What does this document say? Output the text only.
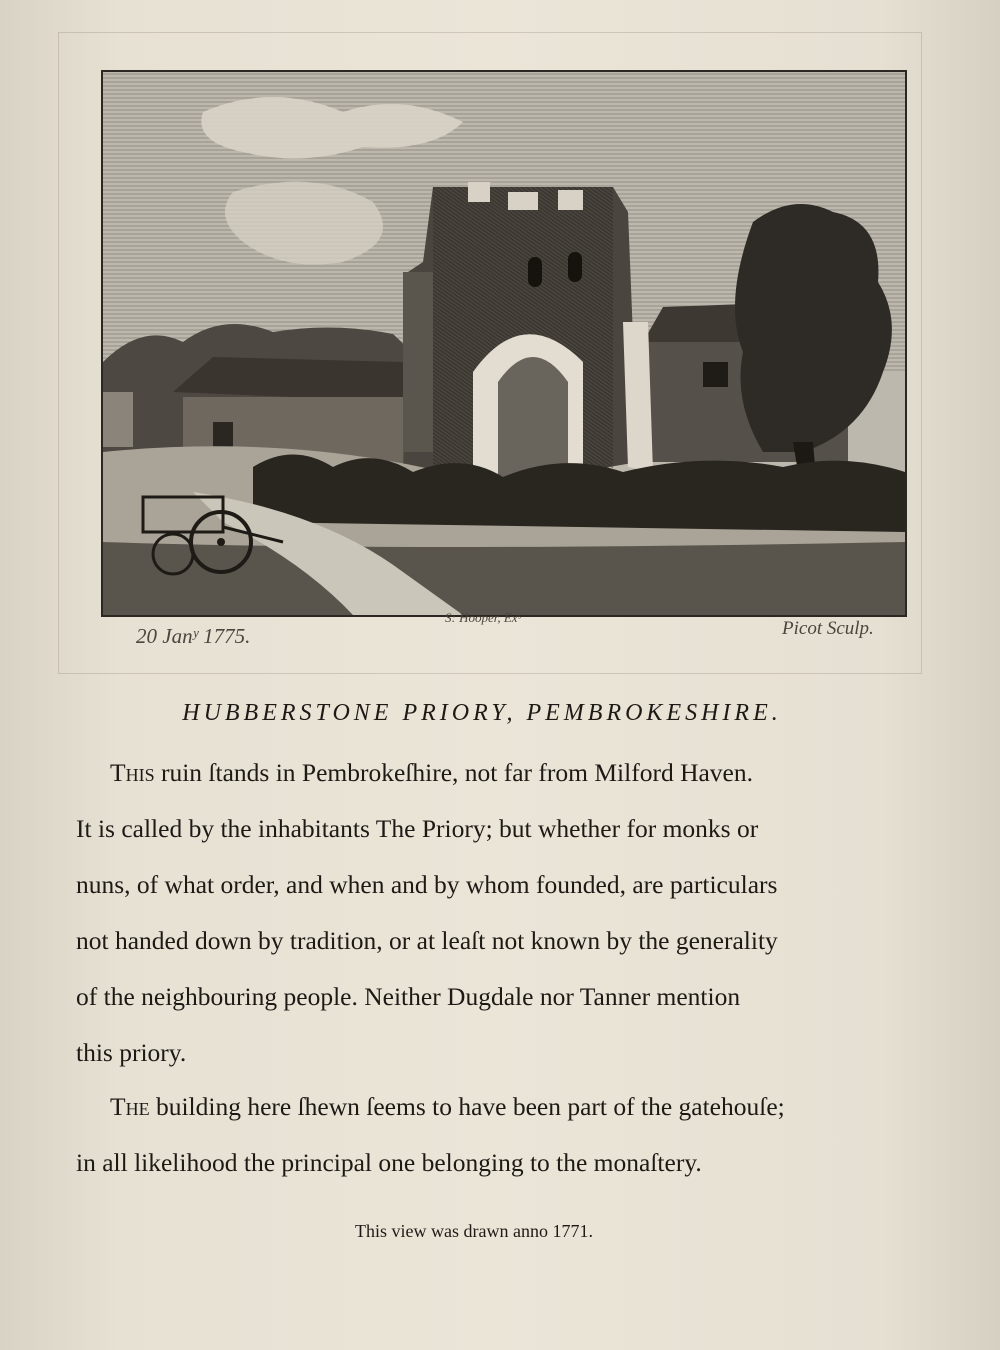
20 Janʸ 1775.
S: Hooper, Exˢ
Picot Sculp.
HUBBERSTONE PRIORY, PEMBROKESHIRE.
This ruin ſtands in Pembrokeſhire, not far from Milford Haven.
It is called by the inhabitants The Priory; but whether for monks or
nuns, of what order, and when and by whom founded, are particulars
not handed down by tradition, or at leaſt not known by the generality
of the neighbouring people. Neither Dugdale nor Tanner mention
this priory.
The building here ſhewn ſeems to have been part of the gatehouſe;
in all likelihood the principal one belonging to the monaſtery.
This view was drawn anno 1771.
